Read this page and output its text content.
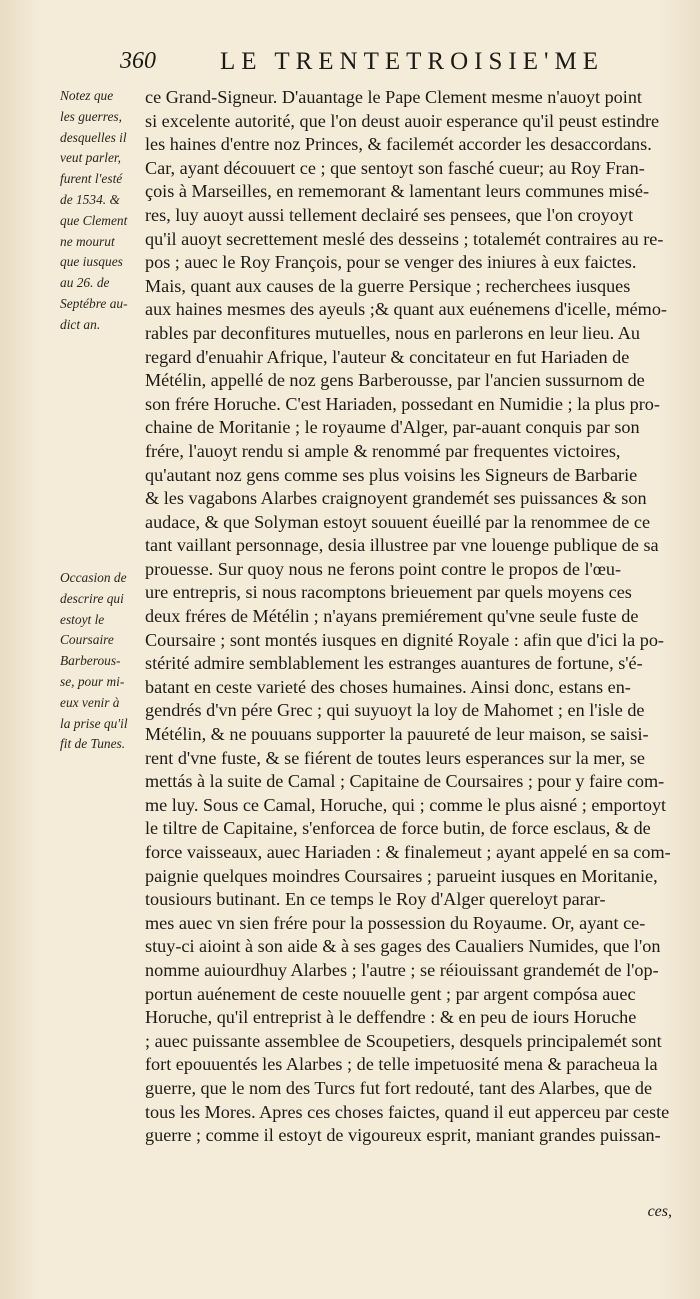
360	LE TRENTETROISIE'ME
Notez que
les guerres,
desquelles il
veut parler,
furent l'esté
de 1534. &
que Clement
ne mourut
que iusques
au 26. de
Septébre au-
dict an.
Occasion de
descrire qui
estoyt le
Coursaire
Barberous-
se, pour mi-
eux venir à
la prise qu'il
fit de Tunes.
ce Grand-Signeur. D'auantage le Pape Clement mesme n'auoyt point
si excelente autorité, que l'on deust auoir esperance qu'il peust estindre
les haines d'entre noz Princes, & facilemét accorder les desaccordans.
Car, ayant découuert ce ; que sentoyt son fasché cueur; au Roy Fran-
çois à Marseilles, en rememorant & lamentant leurs communes misé-
res, luy auoyt aussi tellement declairé ses pensees, que l'on croyoyt
qu'il auoyt secrettement meslé des desseins ; totalemét contraires au re-
pos ; auec le Roy François, pour se venger des iniures à eux faictes.
Mais, quant aux causes de la guerre Persique ; recherchees iusques
aux haines mesmes des ayeuls ;& quant aux euénemens d'icelle, mémo-
rables par deconfitures mutuelles, nous en parlerons en leur lieu. Au
regard d'enuahir Afrique, l'auteur & concitateur en fut Hariaden de
Métélin, appellé de noz gens Barberousse, par l'ancien sussurnom de
son frére Horuche. C'est Hariaden, possedant en Numidie ; la plus pro-
chaine de Moritanie ; le royaume d'Alger, par-auant conquis par son
frére, l'auoyt rendu si ample & renommé par frequentes victoires,
qu'autant noz gens comme ses plus voisins les Signeurs de Barbarie
& les vagabons Alarbes craignoyent grandemét ses puissances & son
audace, & que Solyman estoyt souuent éueillé par la renommee de ce
tant vaillant personnage, desia illustree par vne louenge publique de sa
prouesse. Sur quoy nous ne ferons point contre le propos de l'œu-
ure entrepris, si nous racomptons brieuement par quels moyens ces
deux fréres de Métélin ; n'ayans premiérement qu'vne seule fuste de
Coursaire ; sont montés iusques en dignité Royale : afin que d'ici la po-
stérité admire semblablement les estranges auantures de fortune, s'é-
batant en ceste varieté des choses humaines. Ainsi donc, estans en-
gendrés d'vn pére Grec ; qui suyuoyt la loy de Mahomet ; en l'isle de
Métélin, & ne pouuans supporter la pauureté de leur maison, se saisi-
rent d'vne fuste, & se fiérent de toutes leurs esperances sur la mer, se
mettás à la suite de Camal ; Capitaine de Coursaires ; pour y faire com-
me luy. Sous ce Camal, Horuche, qui ; comme le plus aisné ; emportoyt
le tiltre de Capitaine, s'enforcea de force butin, de force esclaus, & de
force vaisseaux, auec Hariaden : & finalemeut ; ayant appelé en sa com-
paignie quelques moindres Coursaires ; parueint iusques en Moritanie,
tousiours butinant. En ce temps le Roy d'Alger quereloyt parar-
mes auec vn sien frére pour la possession du Royaume. Or, ayant ce-
stuy-ci aioint à son aide & à ses gages des Caualiers Numides, que l'on
nomme auiourdhuy Alarbes ; l'autre ; se réiouissant grandemét de l'op-
portun auénement de ceste nouuelle gent ; par argent compósa auec
Horuche, qu'il entreprist à le deffendre : & en peu de iours Horuche
; auec puissante assemblee de Scoupetiers, desquels principalemét sont
fort epouuentés les Alarbes ; de telle impetuosité mena & paracheua la
guerre, que le nom des Turcs fut fort redouté, tant des Alarbes, que de
tous les Mores. Apres ces choses faictes, quand il eut apperceu par ceste
guerre ; comme il estoyt de vigoureux esprit, maniant grandes puissan-
ces,
